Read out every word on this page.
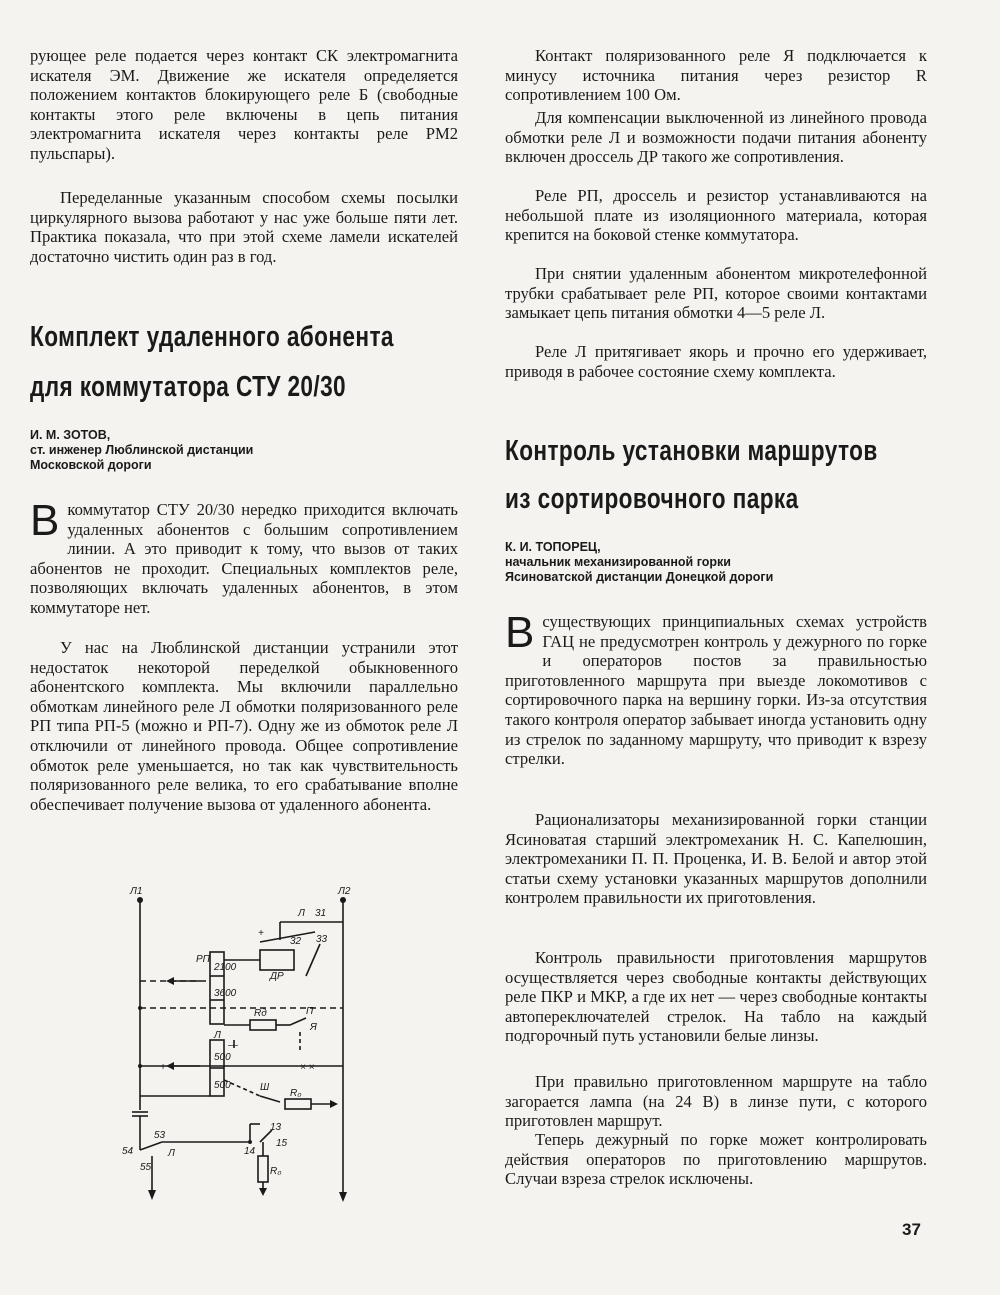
рующее реле подается через контакт СК электромагнита искателя ЭМ. Движение же искателя определяется положением контактов блокирующего реле Б (свободные контакты этого реле включены в цепь питания электромагнита искателя через контакты реле РМ2 пульспары).

Переделанные указанным способом схемы посылки циркулярного вызова работают у нас уже больше пяти лет. Практика показала, что при этой схеме ламели искателей достаточно чистить один раз в год.

Комплект удаленного абонента
для коммутатора СТУ 20/30
И. М. ЗОТОВ,
ст. инженер Люблинской дистанции
Московской дороги

Вкоммутатор СТУ 20/30 нередко приходится включать удаленных абонентов с большим сопротивлением линии. А это приводит к тому, что вызов от таких абонентов не проходит. Специальных комплектов реле, позволяющих включать удаленных абонентов, в этом коммутаторе нет.

У нас на Люблинской дистанции устранили этот недостаток некоторой переделкой обыкновенного абонентского комплекта. Мы включили параллельно обмоткам линейного реле Л обмотки поляризованного реле РП типа РП-5 (можно и РП-7). Одну же из обмоток реле Л отключили от линейного провода. Общее сопротивление обмоток реле уменьшается, но так как чувствительность поляризованного реле велика, то его срабатывание вполне обеспечивает получение вызова от удаленного абонента.

Л1	Л2
Л 31
32 33
+
РП
ДР
Rд	П
Я
—
Л
+	× ×
Ш
R₀
13
14
15
R₀
53
54	Л
55
2100
3600
500
500

Контакт поляризованного реле Я подключается к минусу источника питания через резистор R сопротивлением 100 Ом.

Для компенсации выключенной из линейного провода обмотки реле Л и возможности подачи питания абоненту включен дроссель ДР такого же сопротивления.

Реле РП, дроссель и резистор устанавливаются на небольшой плате из изоляционного материала, которая крепится на боковой стенке коммутатора.

При снятии удаленным абонентом микротелефонной трубки срабатывает реле РП, которое своими контактами замыкает цепь питания обмотки 4—5 реле Л.

Реле Л притягивает якорь и прочно его удерживает, приводя в рабочее состояние схему комплекта.

Контроль установки маршрутов
из сортировочного парка
К. И. ТОПОРЕЦ,
начальник механизированной горки
Ясиноватской дистанции Донецкой дороги

Всуществующих принципиальных схемах устройств ГАЦ не предусмотрен контроль у дежурного по горке и операторов постов за правильностью приготовленного маршрута при выезде локомотивов с сортировочного парка на вершину горки. Из-за отсутствия такого контроля оператор забывает иногда установить одну из стрелок по заданному маршруту, что приводит к взрезу стрелки.

Рационализаторы механизированной горки станции Ясиноватая старший электромеханик Н. С. Капелюшин, электромеханики П. П. Проценка, И. В. Белой и автор этой статьи схему установки указанных маршрутов дополнили контролем правильности их приготовления.

Контроль правильности приготовления маршрутов осуществляется через свободные контакты действующих реле ПКР и МКР, а где их нет — через свободные контакты автопереключателей стрелок. На табло на каждый подгорочный путь установили белые линзы.

При правильно приготовленном маршруте на табло загорается лампа (на 24 В) в линзе пути, с которого приготовлен маршрут.

Теперь дежурный по горке может контролировать действия операторов по приготовлению маршрутов. Случаи взреза стрелок исключены.

37
